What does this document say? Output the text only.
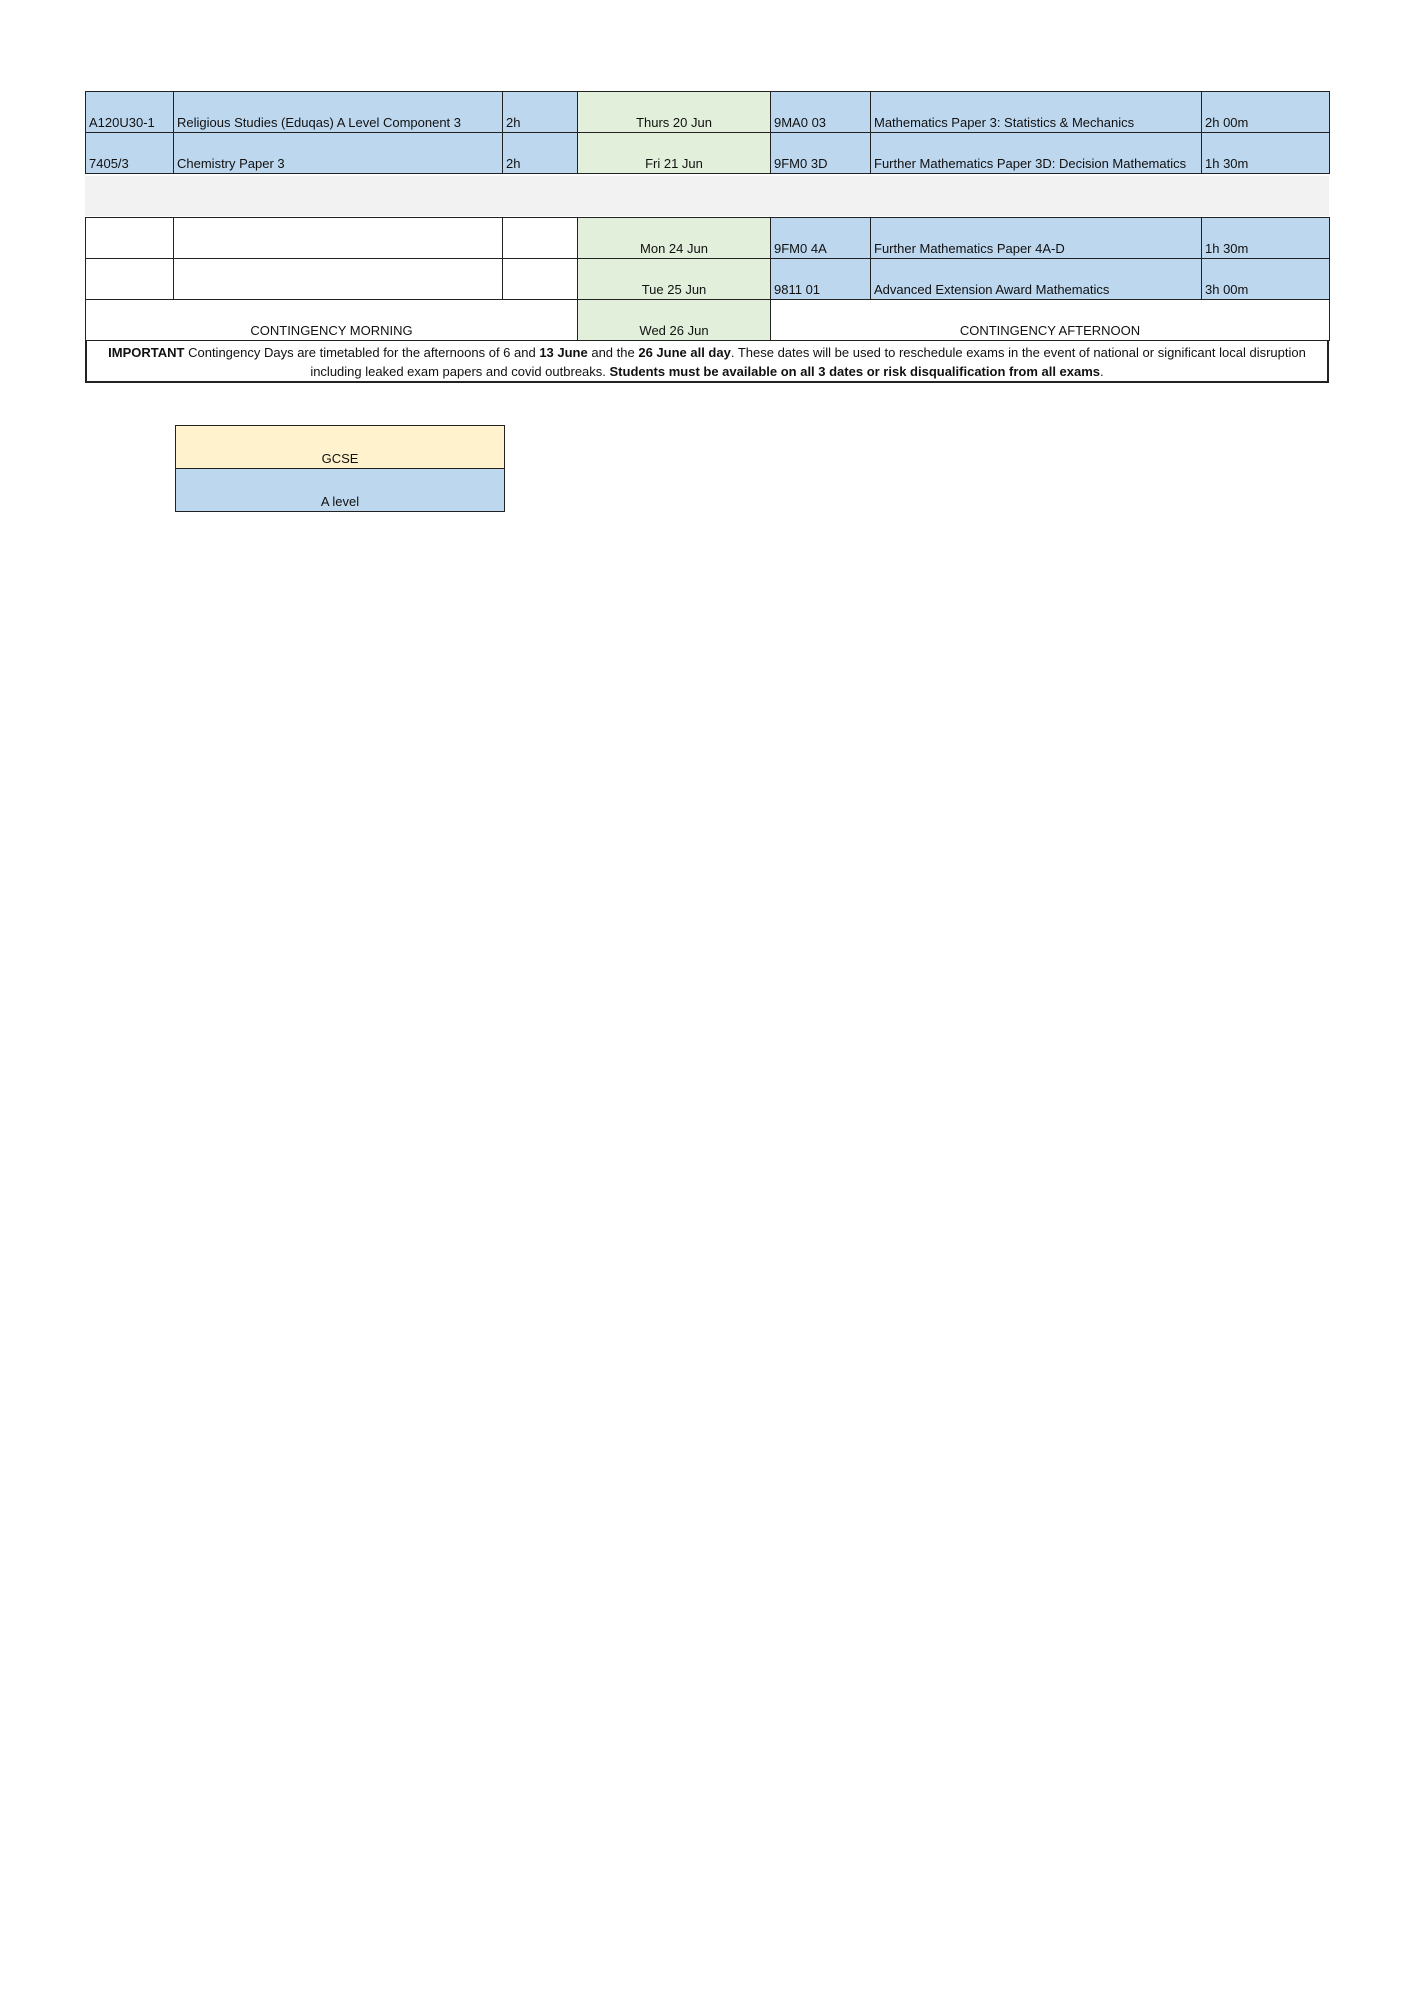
A120U30-1	Religious Studies (Eduqas) A Level Component 3	2h	Thurs 20 Jun	9MA0 03	Mathematics Paper 3: Statistics & Mechanics	2h 00m
7405/3	Chemistry Paper 3	2h	Fri 21 Jun	9FM0 3D	Further Mathematics Paper 3D: Decision Mathematics	1h 30m
			Mon 24 Jun	9FM0 4A	Further Mathematics Paper 4A-D	1h 30m
			Tue 25 Jun	9811 01	Advanced Extension Award Mathematics	3h 00m
CONTINGENCY MORNING			Wed 26 Jun	CONTINGENCY AFTERNOON		
IMPORTANT Contingency Days are timetabled for the afternoons of 6 and 13 June and the 26 June all day. These dates will be used to reschedule exams in the event of national or significant local disruption including leaked exam papers and covid outbreaks. Students must be available on all 3 dates or risk disqualification from all exams.
GCSE
A level
